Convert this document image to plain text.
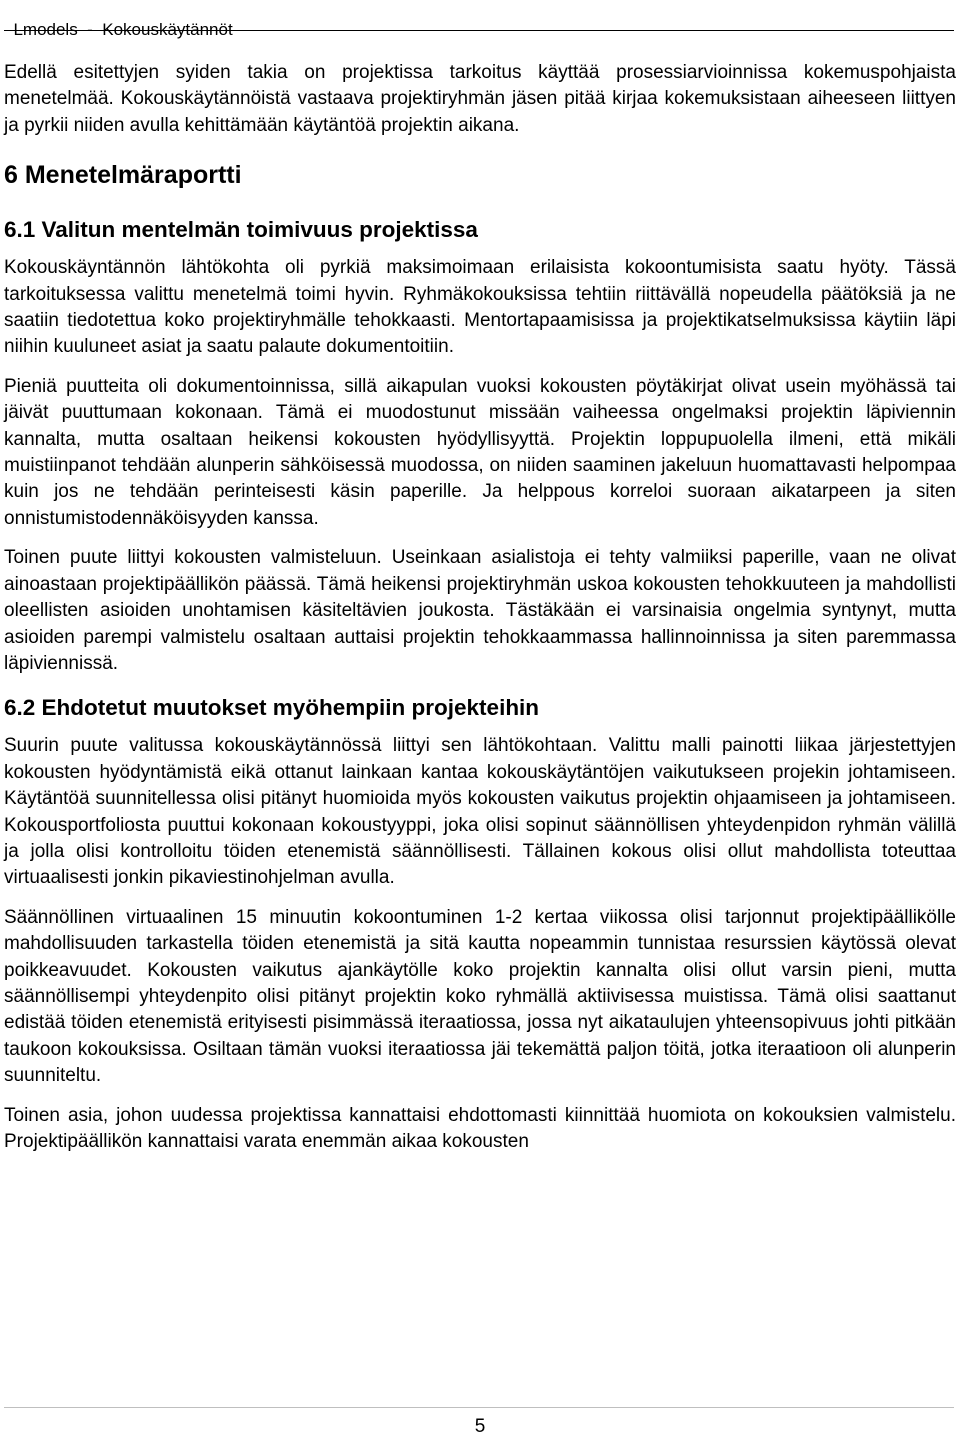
Lmodels  -  Kokouskäytännöt

Edellä esitettyjen syiden takia on projektissa tarkoitus käyttää prosessiarvioinnissa kokemuspohjaista menetelmää. Kokouskäytännöistä vastaava projektiryhmän jäsen pitää kirjaa kokemuksistaan aiheeseen liittyen ja pyrkii niiden avulla kehittämään käytäntöä projektin aikana.

6 Menetelmäraportti
6.1 Valitun mentelmän toimivuus projektissa

Kokouskäyntännön lähtökohta oli pyrkiä maksimoimaan erilaisista kokoontumisista saatu hyöty. Tässä tarkoituksessa valittu menetelmä toimi hyvin. Ryhmäkokouksissa tehtiin riittävällä nopeudella päätöksiä ja ne saatiin tiedotettua koko projektiryhmälle tehokkaasti. Mentortapaamisissa ja projektikatselmuksissa käytiin läpi niihin kuuluneet asiat ja saatu palaute dokumentoitiin.

Pieniä puutteita oli dokumentoinnissa, sillä aikapulan vuoksi kokousten pöytäkirjat olivat usein myöhässä tai jäivät puuttumaan kokonaan. Tämä ei muodostunut missään vaiheessa ongelmaksi projektin läpiviennin kannalta, mutta osaltaan heikensi kokousten hyödyllisyyttä. Projektin loppupuolella ilmeni, että mikäli muistiinpanot tehdään alunperin sähköisessä muodossa, on niiden saaminen jakeluun huomattavasti helpompaa kuin jos ne tehdään perinteisesti käsin paperille. Ja helppous korreloi suoraan aikatarpeen ja siten onnistumistodennäköisyyden kanssa.

Toinen puute liittyi kokousten valmisteluun. Useinkaan asialistoja ei tehty valmiiksi paperille, vaan ne olivat ainoastaan projektipäällikön päässä. Tämä heikensi projektiryhmän uskoa kokousten tehokkuuteen ja mahdollisti oleellisten asioiden unohtamisen käsiteltävien joukosta. Tästäkään ei varsinaisia ongelmia syntynyt, mutta asioiden parempi valmistelu osaltaan auttaisi projektin tehokkaammassa hallinnoinnissa ja siten paremmassa läpiviennissä.

6.2 Ehdotetut muutokset myöhempiin projekteihin

Suurin puute valitussa kokouskäytännössä liittyi sen lähtökohtaan. Valittu malli painotti liikaa järjestettyjen kokousten hyödyntämistä eikä ottanut lainkaan kantaa kokouskäytäntöjen vaikutukseen projekin johtamiseen. Käytäntöä suunnitellessa olisi pitänyt huomioida myös kokousten vaikutus projektin ohjaamiseen ja johtamiseen. Kokousportfoliosta puuttui kokonaan kokoustyyppi, joka olisi sopinut säännöllisen yhteydenpidon ryhmän välillä ja jolla olisi kontrolloitu töiden etenemistä säännöllisesti. Tällainen kokous olisi ollut mahdollista toteuttaa virtuaalisesti jonkin pikaviestinohjelman avulla.

Säännöllinen virtuaalinen 15 minuutin kokoontuminen 1-2 kertaa viikossa olisi tarjonnut projektipäällikölle mahdollisuuden tarkastella töiden etenemistä ja sitä kautta nopeammin tunnistaa resurssien käytössä olevat poikkeavuudet. Kokousten vaikutus ajankäytölle koko projektin kannalta olisi ollut varsin pieni, mutta säännöllisempi yhteydenpito olisi pitänyt projektin koko ryhmällä aktiivisessa muistissa. Tämä olisi saattanut edistää töiden etenemistä erityisesti pisimmässä iteraatiossa, jossa nyt aikataulujen yhteensopivuus johti pitkään taukoon kokouksissa. Osiltaan tämän vuoksi iteraatiossa jäi tekemättä paljon töitä, jotka iteraatioon oli alunperin suunniteltu.

Toinen asia, johon uudessa projektissa kannattaisi ehdottomasti kiinnittää huomiota on kokouksien valmistelu. Projektipäällikön kannattaisi varata enemmän aikaa kokousten

5
